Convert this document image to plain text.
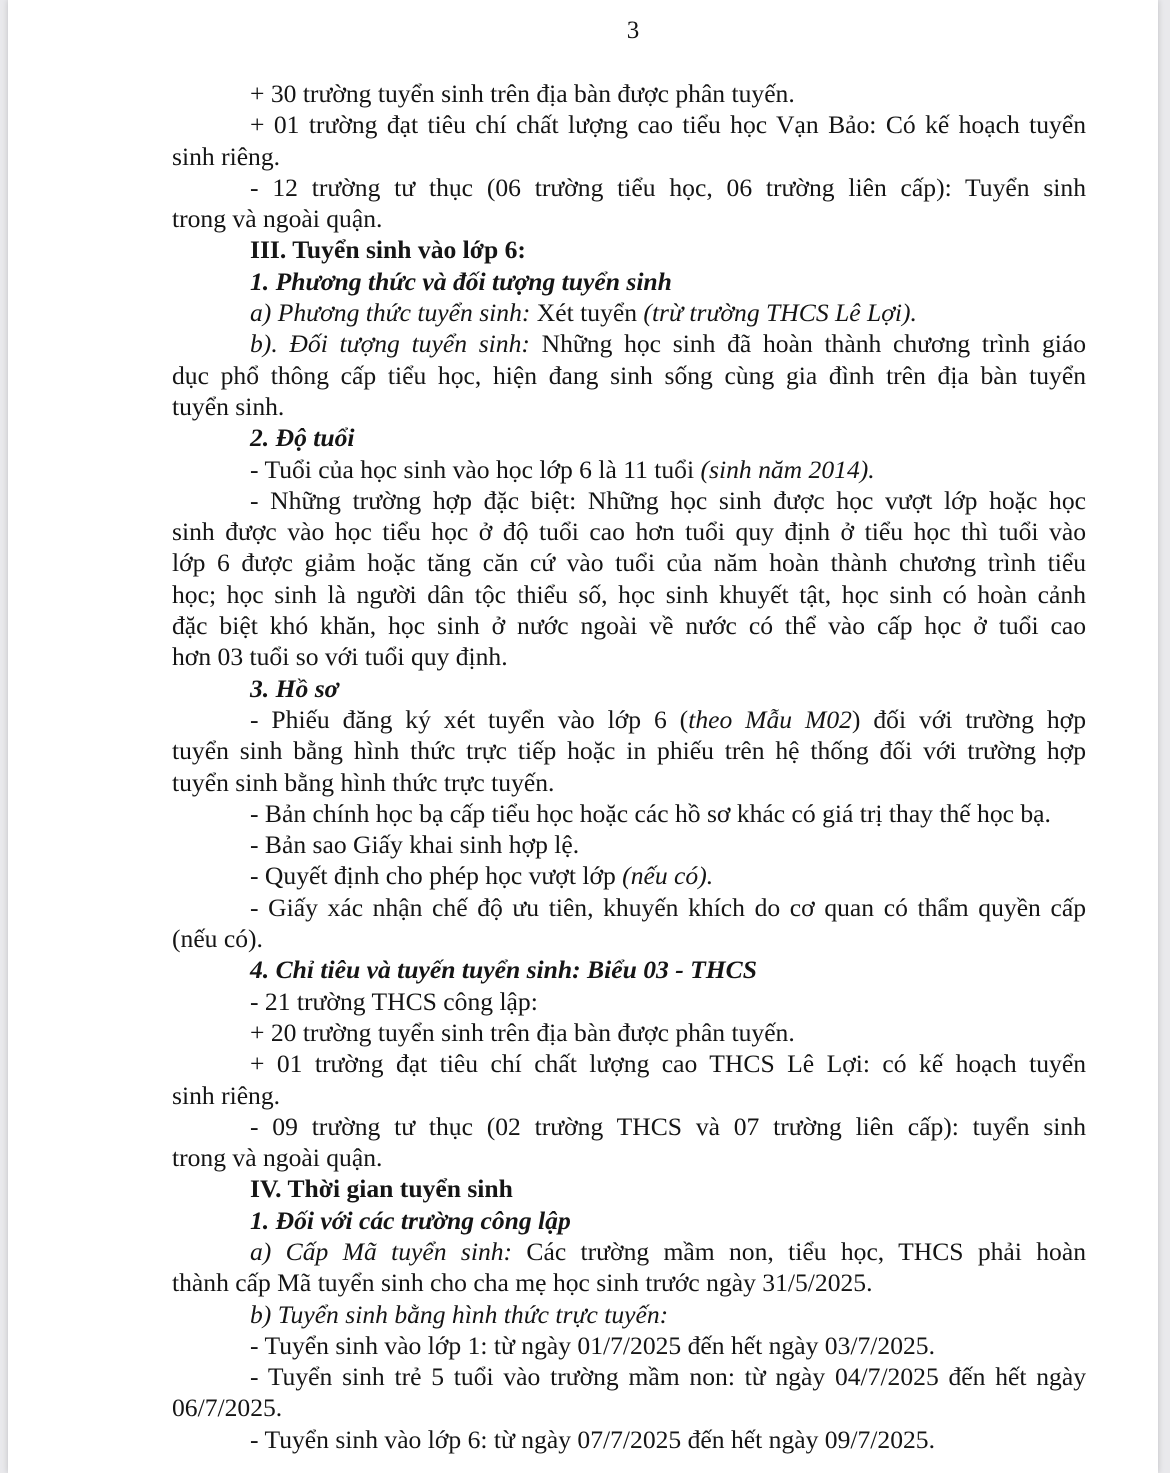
3
+ 30 trường tuyển sinh trên địa bàn được phân tuyến.
+ 01 trường đạt tiêu chí chất lượng cao tiểu học Vạn Bảo: Có kế hoạch tuyển
sinh riêng.
- 12 trường tư thục (06 trường tiểu học, 06 trường liên cấp): Tuyển sinh
trong và ngoài quận.
III. Tuyển sinh vào lớp 6:
1. Phương thức và đối tượng tuyển sinh
a) Phương thức tuyển sinh: Xét tuyển (trừ trường THCS Lê Lợi).
b). Đối tượng tuyển sinh: Những học sinh đã hoàn thành chương trình giáo
dục phổ thông cấp tiểu học, hiện đang sinh sống cùng gia đình trên địa bàn tuyển
tuyển sinh.
2. Độ tuổi
- Tuổi của học sinh vào học lớp 6 là 11 tuổi (sinh năm 2014).
- Những trường hợp đặc biệt: Những học sinh được học vượt lớp hoặc học
sinh được vào học tiểu học ở độ tuổi cao hơn tuổi quy định ở tiểu học thì tuổi vào
lớp 6 được giảm hoặc tăng căn cứ vào tuổi của năm hoàn thành chương trình tiểu
học; học sinh là người dân tộc thiểu số, học sinh khuyết tật, học sinh có hoàn cảnh
đặc biệt khó khăn, học sinh ở nước ngoài về nước có thể vào cấp học ở tuổi cao
hơn 03 tuổi so với tuổi quy định.
3. Hồ sơ
- Phiếu đăng ký xét tuyển vào lớp 6 (theo Mẫu M02) đối với trường hợp
tuyển sinh bằng hình thức trực tiếp hoặc in phiếu trên hệ thống đối với trường hợp
tuyển sinh bằng hình thức trực tuyến.
- Bản chính học bạ cấp tiểu học hoặc các hồ sơ khác có giá trị thay thế học bạ.
- Bản sao Giấy khai sinh hợp lệ.
- Quyết định cho phép học vượt lớp (nếu có).
- Giấy xác nhận chế độ ưu tiên, khuyến khích do cơ quan có thẩm quyền cấp
(nếu có).
4. Chỉ tiêu và tuyến tuyển sinh: Biểu 03 - THCS
- 21 trường THCS công lập:
+ 20 trường tuyển sinh trên địa bàn được phân tuyến.
+ 01 trường đạt tiêu chí chất lượng cao THCS Lê Lợi: có kế hoạch tuyển
sinh riêng.
- 09 trường tư thục (02 trường THCS và 07 trường liên cấp): tuyển sinh
trong và ngoài quận.
IV. Thời gian tuyển sinh
1. Đối với các trường công lập
a) Cấp Mã tuyển sinh: Các trường mầm non, tiểu học, THCS phải hoàn
thành cấp Mã tuyển sinh cho cha mẹ học sinh trước ngày 31/5/2025.
b) Tuyển sinh bằng hình thức trực tuyến:
- Tuyển sinh vào lớp 1: từ ngày 01/7/2025 đến hết ngày 03/7/2025.
- Tuyển sinh trẻ 5 tuổi vào trường mầm non: từ ngày 04/7/2025 đến hết ngày
06/7/2025.
- Tuyển sinh vào lớp 6: từ ngày 07/7/2025 đến hết ngày 09/7/2025.
